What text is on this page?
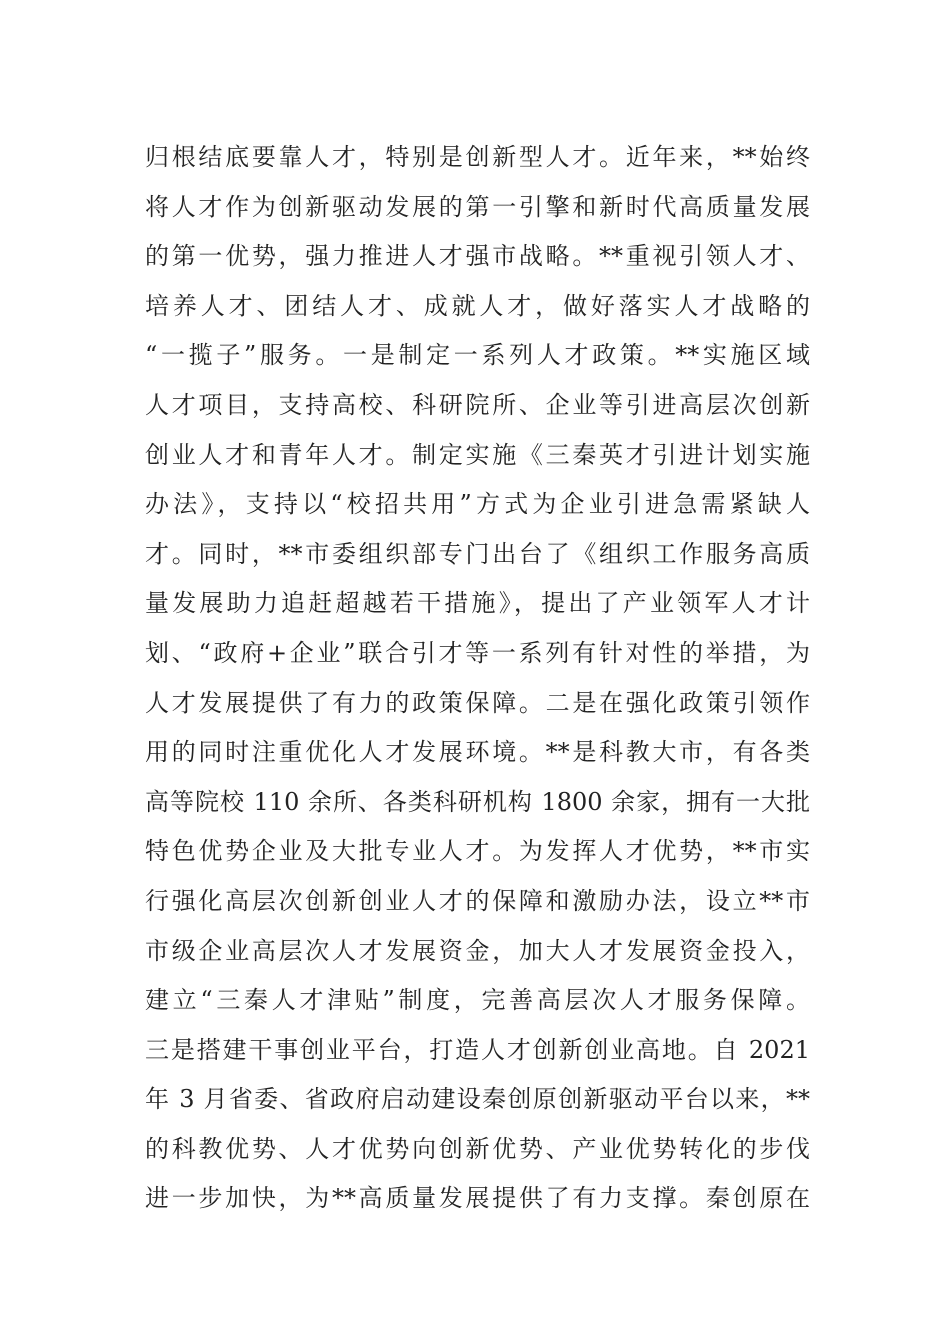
归根结底要靠人才，特别是创新型人才。近年来，**始终
将人才作为创新驱动发展的第一引擎和新时代高质量发展
的第一优势，强力推进人才强市战略。**重视引领人才、
培养人才、团结人才、成就人才，做好落实人才战略的
“一揽子”服务。一是制定一系列人才政策。**实施区域
人才项目，支持高校、科研院所、企业等引进高层次创新
创业人才和青年人才。制定实施《三秦英才引进计划实施
办法》，支持以“校招共用”方式为企业引进急需紧缺人
才。同时，**市委组织部专门出台了《组织工作服务高质
量发展助力追赶超越若干措施》，提出了产业领军人才计
划、“政府+企业”联合引才等一系列有针对性的举措，为
人才发展提供了有力的政策保障。二是在强化政策引领作
用的同时注重优化人才发展环境。**是科教大市，有各类
高等院校 110 余所、各类科研机构 1800 余家，拥有一大批
特色优势企业及大批专业人才。为发挥人才优势，**市实
行强化高层次创新创业人才的保障和激励办法，设立**市
市级企业高层次人才发展资金，加大人才发展资金投入，
建立“三秦人才津贴”制度，完善高层次人才服务保障。
三是搭建干事创业平台，打造人才创新创业高地。自 2021
年 3 月省委、省政府启动建设秦创原创新驱动平台以来，**
的科教优势、人才优势向创新优势、产业优势转化的步伐
进一步加快，为**高质量发展提供了有力支撑。秦创原在
